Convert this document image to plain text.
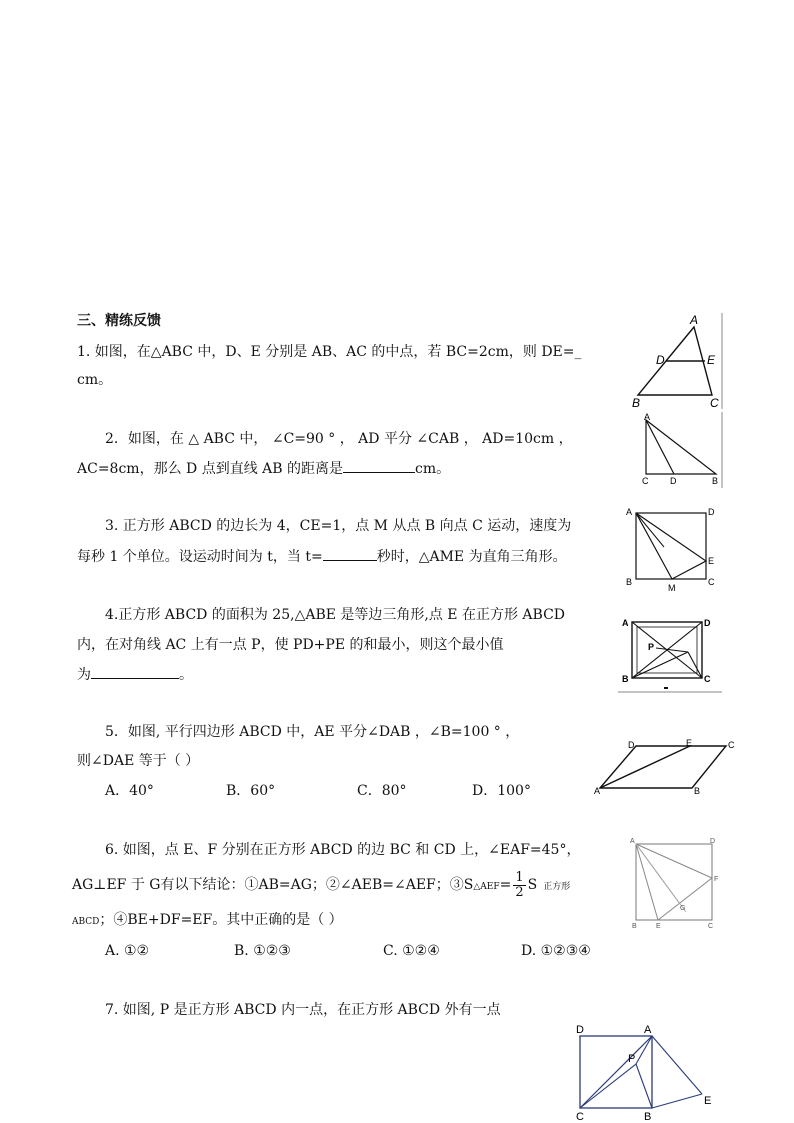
三、精练反馈
1. 如图，在△ABC 中，D、E 分别是 AB、AC 的中点，若 BC=2cm，则 DE=_
cm。
A
D	E
B	C
2．如图，在 △ ABC 中， ∠C=90 ° ， AD 平分 ∠CAB ， AD=10cm ，
AC=8cm，那么 D 点到直线 AB 的距离是	cm。
A
C D	B
3. 正方形 ABCD 的边长为 4，CE=1，点 M 从点 B 向点 C 运动，速度为
每秒 1 个单位。设运动时间为 t，当 t=	秒时，△AME 为直角三角形。
A	D
E
B	C
M
4.正方形 ABCD 的面积为 25,△ABE 是等边三角形,点 E 在正方形 ABCD
内，在对角线 AC 上有一点 P，使 PD+PE 的和最小，则这个最小值
为	。
A	D
P
B	C
5．如图, 平行四边形 ABCD 中，AE 平分∠DAB ，∠B=100 ° ，
则∠DAE 等于（ ）
A．40°	B．60°	C．80°	D．100°	A
D	E	C
B
6. 如图，点 E、F 分别在正方形 ABCD 的边 BC 和 CD 上，∠EAF=45°，
AG⊥EF 于 G有以下结论：①AB=AG；②∠AEB=∠AEF；③S△AEF= $\frac{1}{2}$ S 正方形
ABCD；④BE+DF=EF。其中正确的是（ ）
A. ①②	B. ①②③	C. ①②④	D. ①②③④
A	D
F
G
B	E	C
7. 如图, P 是正方形 ABCD 内一点，在正方形 ABCD 外有一点
D	A
P
C	B
E
